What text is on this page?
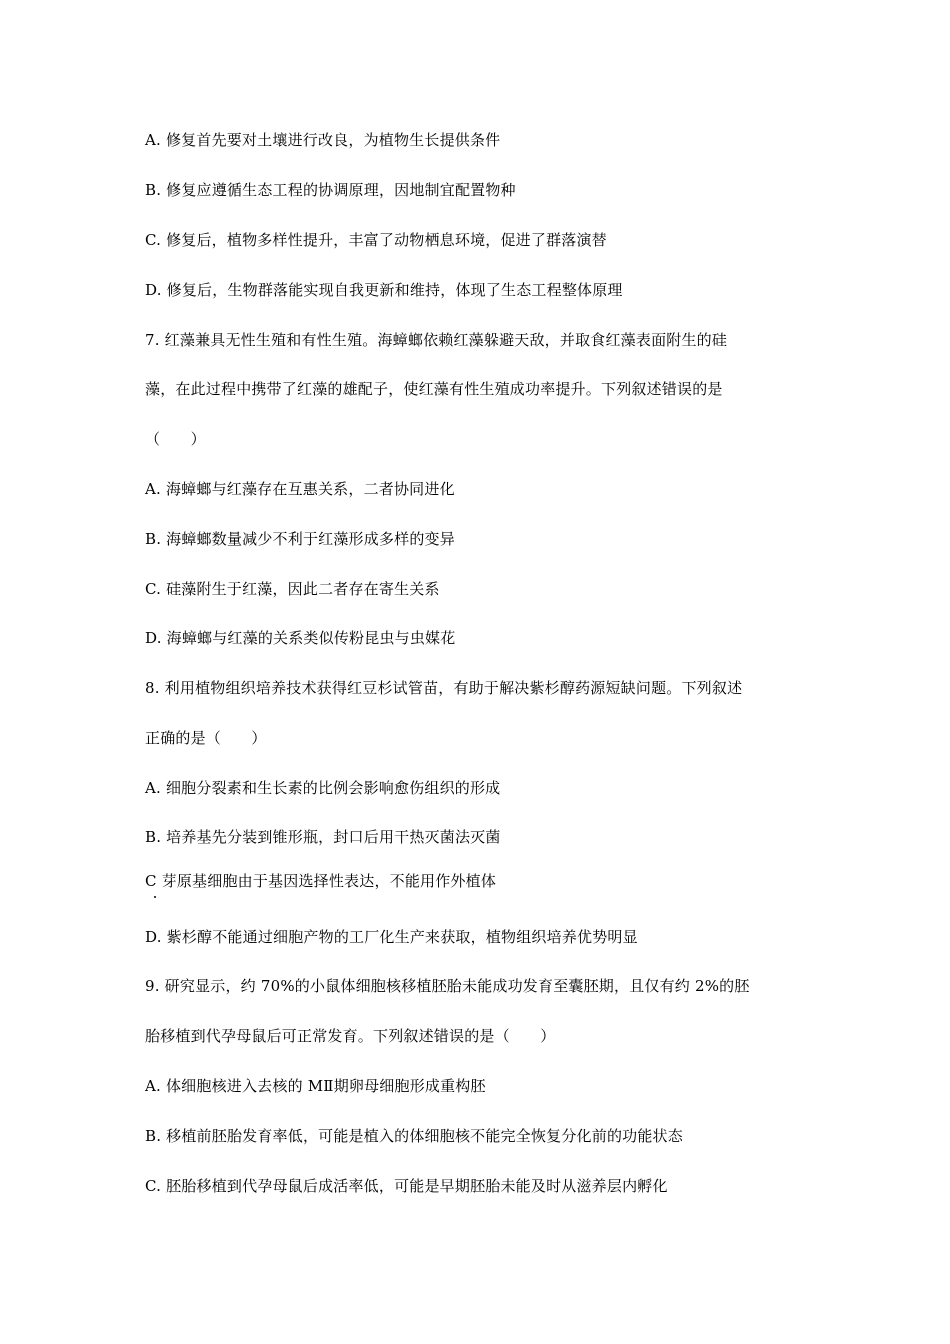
A. 修复首先要对土壤进行改良，为植物生长提供条件
B. 修复应遵循生态工程的协调原理，因地制宜配置物种
C. 修复后，植物多样性提升，丰富了动物栖息环境，促进了群落演替
D. 修复后，生物群落能实现自我更新和维持，体现了生态工程整体原理
7. 红藻兼具无性生殖和有性生殖。海蟑螂依赖红藻躲避天敌，并取食红藻表面附生的硅
藻，在此过程中携带了红藻的雄配子，使红藻有性生殖成功率提升。下列叙述错误的是
（　　）
A. 海蟑螂与红藻存在互惠关系，二者协同进化
B. 海蟑螂数量减少不利于红藻形成多样的变异
C. 硅藻附生于红藻，因此二者存在寄生关系
D. 海蟑螂与红藻的关系类似传粉昆虫与虫媒花
8. 利用植物组织培养技术获得红豆杉试管苗，有助于解决紫杉醇药源短缺问题。下列叙述
正确的是（　　）
A. 细胞分裂素和生长素的比例会影响愈伤组织的形成
B. 培养基先分装到锥形瓶，封口后用干热灭菌法灭菌
C 芽原基细胞由于基因选择性表达，不能用作外植体
D. 紫杉醇不能通过细胞产物的工厂化生产来获取，植物组织培养优势明显
9. 研究显示，约 70%的小鼠体细胞核移植胚胎未能成功发育至囊胚期，且仅有约 2%的胚
胎移植到代孕母鼠后可正常发育。下列叙述错误的是（　　）
A. 体细胞核进入去核的 MⅡ期卵母细胞形成重构胚
B. 移植前胚胎发育率低，可能是植入的体细胞核不能完全恢复分化前的功能状态
C. 胚胎移植到代孕母鼠后成活率低，可能是早期胚胎未能及时从滋养层内孵化
